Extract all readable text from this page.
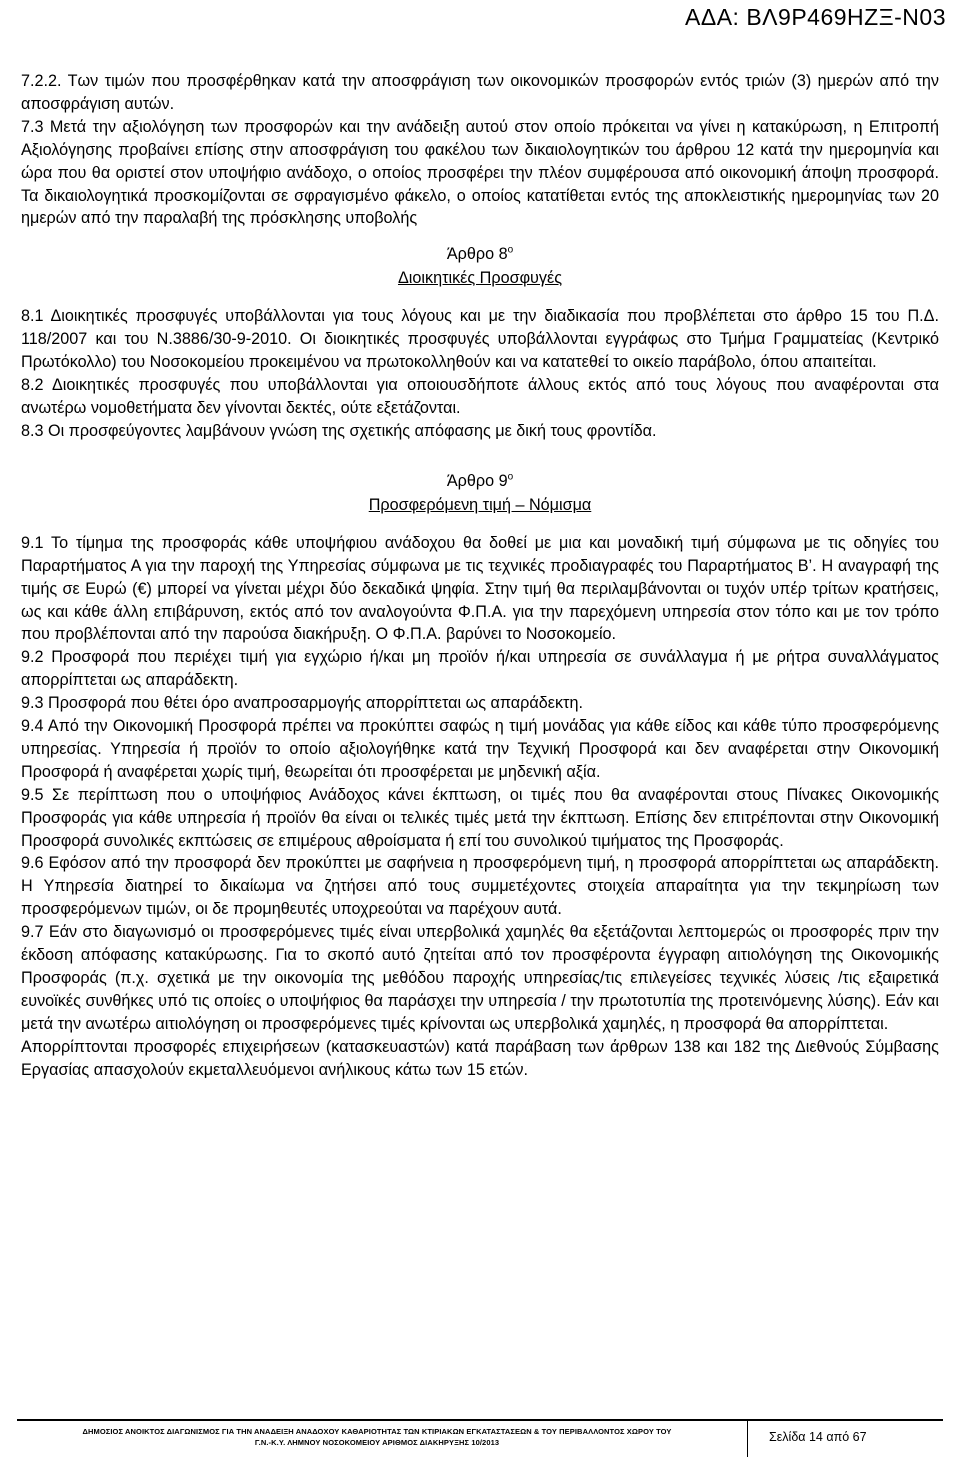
ΑΔΑ: ΒΛ9Ρ469ΗΖΞ-Ν03

7.2.2. Των τιμών που προσφέρθηκαν κατά την αποσφράγιση των οικονομικών προσφορών εντός τριών (3) ημερών από την αποσφράγιση αυτών.

7.3 Μετά την αξιολόγηση των προσφορών και την ανάδειξη αυτού στον οποίο πρόκειται να γίνει η κατακύρωση, η Επιτροπή Αξιολόγησης προβαίνει επίσης στην αποσφράγιση του φακέλου των δικαιολογητικών του άρθρου 12 κατά την ημερομηνία και ώρα που θα οριστεί στον υποψήφιο ανάδοχο, ο οποίος προσφέρει την πλέον συμφέρουσα από οικονομική άποψη προσφορά. Τα δικαιολογητικά προσκομίζονται σε σφραγισμένο φάκελο, ο οποίος κατατίθεται εντός της αποκλειστικής ημερομηνίας των 20 ημερών από την παραλαβή της πρόσκλησης υποβολής

Άρθρο $8^o$
Διοικητικές Προσφυγές

8.1 Διοικητικές προσφυγές υποβάλλονται για τους λόγους και με την διαδικασία που προβλέπεται στο άρθρο 15 του Π.Δ. 118/2007 και του Ν.3886/30-9-2010. Οι διοικητικές προσφυγές υποβάλλονται εγγράφως στο Τμήμα Γραμματείας (Κεντρικό Πρωτόκολλο) του Νοσοκομείου προκειμένου να πρωτοκολληθούν και να κατατεθεί το οικείο παράβολο, όπου απαιτείται.

8.2 Διοικητικές προσφυγές που υποβάλλονται για οποιουσδήποτε άλλους εκτός από τους λόγους που αναφέρονται στα ανωτέρω νομοθετήματα δεν γίνονται δεκτές, ούτε εξετάζονται.

8.3 Οι προσφεύγοντες λαμβάνουν γνώση της σχετικής απόφασης με δική τους φροντίδα.

Άρθρο $9^o$
Προσφερόμενη τιμή – Νόμισμα

9.1 Το τίμημα της προσφοράς κάθε υποψήφιου ανάδοχου θα δοθεί με μια και μοναδική τιμή σύμφωνα με τις οδηγίες του Παραρτήματος Α για την παροχή της Υπηρεσίας σύμφωνα με τις τεχνικές προδιαγραφές του Παραρτήματος Β’. Η αναγραφή της τιμής σε Ευρώ (€) μπορεί να γίνεται μέχρι δύο δεκαδικά ψηφία. Στην τιμή θα περιλαμβάνονται οι τυχόν υπέρ τρίτων κρατήσεις, ως και κάθε άλλη επιβάρυνση, εκτός από τον αναλογούντα Φ.Π.Α. για την παρεχόμενη υπηρεσία στον τόπο και με τον τρόπο που προβλέπονται από την παρούσα διακήρυξη. Ο Φ.Π.Α. βαρύνει το Νοσοκομείο.

9.2 Προσφορά που περιέχει τιμή για εγχώριο ή/και μη προϊόν ή/και υπηρεσία σε συνάλλαγμα ή με ρήτρα συναλλάγματος απορρίπτεται ως απαράδεκτη.

9.3 Προσφορά που θέτει όρο αναπροσαρμογής απορρίπτεται ως απαράδεκτη.

9.4 Από την Οικονομική Προσφορά πρέπει να προκύπτει σαφώς η τιμή μονάδας για κάθε είδος και κάθε τύπο προσφερόμενης υπηρεσίας. Υπηρεσία ή προϊόν το οποίο αξιολογήθηκε κατά την Τεχνική Προσφορά και δεν αναφέρεται στην Οικονομική Προσφορά ή αναφέρεται χωρίς τιμή, θεωρείται ότι προσφέρεται με μηδενική αξία.

9.5 Σε περίπτωση που ο υποψήφιος Ανάδοχος κάνει έκπτωση, οι τιμές που θα αναφέρονται στους Πίνακες Οικονομικής Προσφοράς για κάθε υπηρεσία ή προϊόν θα είναι οι τελικές τιμές μετά την έκπτωση. Επίσης δεν επιτρέπονται στην Οικονομική Προσφορά συνολικές εκπτώσεις σε επιμέρους αθροίσματα ή επί του συνολικού τιμήματος της Προσφοράς.

9.6 Εφόσον από την προσφορά δεν προκύπτει με σαφήνεια η προσφερόμενη τιμή, η προσφορά απορρίπτεται ως απαράδεκτη. Η Υπηρεσία διατηρεί το δικαίωμα να ζητήσει από τους συμμετέχοντες στοιχεία απαραίτητα για την τεκμηρίωση των προσφερόμενων τιμών, οι δε προμηθευτές υποχρεούται να παρέχουν αυτά.

9.7 Εάν στο διαγωνισμό οι προσφερόμενες τιμές είναι υπερβολικά χαμηλές θα εξετάζονται λεπτομερώς οι προσφορές πριν την έκδοση απόφασης κατακύρωσης. Για το σκοπό αυτό ζητείται από τον προσφέροντα έγγραφη αιτιολόγηση της Οικονομικής Προσφοράς (π.χ. σχετικά με την οικονομία της μεθόδου παροχής υπηρεσίας/τις επιλεγείσες τεχνικές λύσεις /τις εξαιρετικά ευνοϊκές συνθήκες υπό τις οποίες ο υποψήφιος θα παράσχει την υπηρεσία / την πρωτοτυπία της προτεινόμενης λύσης). Εάν και μετά την ανωτέρω αιτιολόγηση οι προσφερόμενες τιμές κρίνονται ως υπερβολικά χαμηλές, η προσφορά θα απορρίπτεται.

Απορρίπτονται προσφορές επιχειρήσεων (κατασκευαστών) κατά παράβαση των άρθρων 138 και 182 της Διεθνούς Σύμβασης Εργασίας απασχολούν εκμεταλλευόμενοι ανήλικους κάτω των 15 ετών.

ΔΗΜΟΣΙΟΣ ΑΝΟΙΚΤΟΣ ΔΙΑΓΩΝΙΣΜΟΣ ΓΙΑ ΤΗΝ ΑΝΑΔΕΙΞΗ ΑΝΑΔΟΧΟΥ ΚΑΘΑΡΙΟΤΗΤΑΣ ΤΩΝ ΚΤΙΡΙΑΚΩΝ ΕΓΚΑΤΑΣΤΑΣΕΩΝ & ΤΟΥ ΠΕΡΙΒΑΛΛΟΝΤΟΣ ΧΩΡΟΥ ΤΟΥ
Γ.Ν.-Κ.Υ. ΛΗΜΝΟΥ ΝΟΣΟΚΟΜΕΙΟΥ ΑΡΙΘΜΟΣ ΔΙΑΚΗΡΥΞΗΣ 10/2013	Σελίδα 14 από 67
